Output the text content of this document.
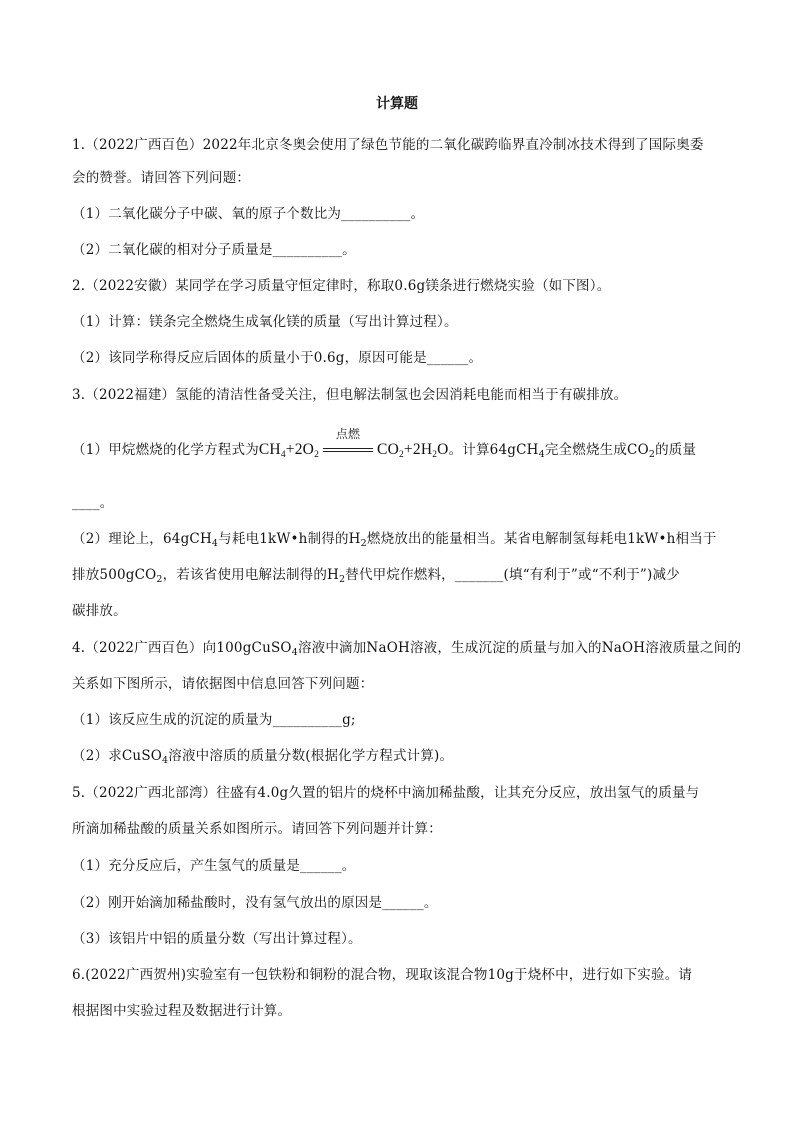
计算题
1.（2022广西百色）2022年北京冬奥会使用了绿色节能的二氧化碳跨临界直冷制冰技术得到了国际奥委
会的赞誉。请回答下列问题：
（1）二氧化碳分子中碳、氧的原子个数比为__________。
（2）二氧化碳的相对分子质量是__________。
2.（2022安徽）某同学在学习质量守恒定律时，称取0.6g镁条进行燃烧实验（如下图）。
（1）计算：镁条完全燃烧生成氧化镁的质量（写出计算过程）。
（2）该同学称得反应后固体的质量小于0.6g，原因可能是______。
3.（2022福建）氢能的清洁性备受关注，但电解法制氢也会因消耗电能而相当于有碳排放。
（1）甲烷燃烧的化学方程式为$CH_4+2O_2$
点燃
$CO_2+2H_2O$。计算64gCH$_4$完全燃烧生成$CO_2$的质量
____。
（2）理论上，64gCH$_4$与耗电1kW•h制得的$H_2$燃烧放出的能量相当。某省电解制氢每耗电1kW•h相当于
排放500gCO$_2$，若该省使用电解法制得的$H_2$替代甲烷作燃料，_______(填“有利于”或“不利于”)减少
碳排放。
4.（2022广西百色）向100gCuSO$_4$溶液中滴加NaOH溶液，生成沉淀的质量与加入的NaOH溶液质量之间的
关系如下图所示，请依据图中信息回答下列问题：
（1）该反应生成的沉淀的质量为__________g;
（2）求CuSO$_4$溶液中溶质的质量分数(根据化学方程式计算)。
5.（2022广西北部湾）往盛有4.0g久置的铝片的烧杯中滴加稀盐酸，让其充分反应，放出氢气的质量与
所滴加稀盐酸的质量关系如图所示。请回答下列问题并计算：
（1）充分反应后，产生氢气的质量是______。
（2）刚开始滴加稀盐酸时，没有氢气放出的原因是______。
（3）该铝片中铝的质量分数（写出计算过程）。
6.(2022广西贺州)实验室有一包铁粉和铜粉的混合物，现取该混合物10g于烧杯中，进行如下实验。请
根据图中实验过程及数据进行计算。
